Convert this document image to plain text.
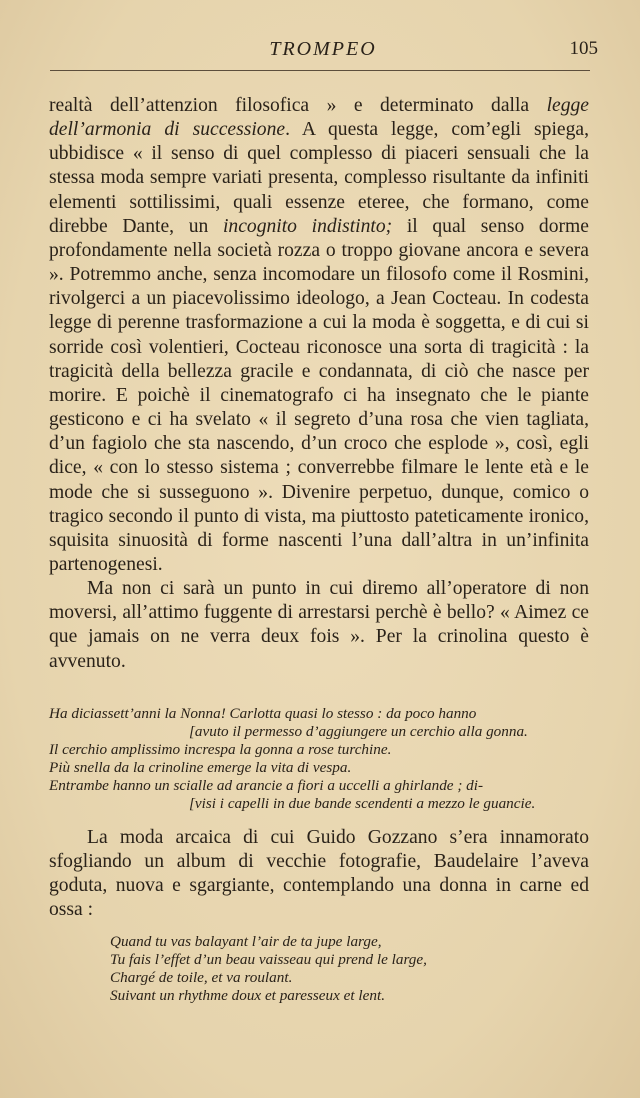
TROMPEO	105

realtà dell’attenzion filosofica » e determinato dalla legge dell’armonia di successione. A questa legge, com’egli spiega, ubbidisce « il senso di quel complesso di piaceri sensuali che la stessa moda sempre variati presenta, complesso risultante da infiniti elementi sottilissimi, quali essenze eteree, che formano, come direbbe Dante, un incognito indistinto; il qual senso dorme profondamente nella società rozza o troppo giovane ancora e severa ». Potremmo anche, senza incomodare un filosofo come il Rosmini, rivolgerci a un piacevolissimo ideologo, a Jean Cocteau. In codesta legge di perenne trasformazione a cui la moda è soggetta, e di cui si sorride così volentieri, Cocteau riconosce una sorta di tragicità : la tragicità della bellezza gracile e condannata, di ciò che nasce per morire. E poichè il cinematografo ci ha insegnato che le piante gesticono e ci ha svelato « il segreto d’una rosa che vien tagliata, d’un fagiolo che sta nascendo, d’un croco che esplode », così, egli dice, « con lo stesso sistema ; converrebbe filmare le lente età e le mode che si susseguono ». Divenire perpetuo, dunque, comico o tragico secondo il punto di vista, ma piuttosto pateticamente ironico, squisita sinuosità di forme nascenti l’una dall’altra in un’infinita partenogenesi.

Ma non ci sarà un punto in cui diremo all’operatore di non moversi, all’attimo fuggente di arrestarsi perchè è bello? « Aimez ce que jamais on ne verra deux fois ». Per la crinolina questo è avvenuto.

Ha diciassett’anni la Nonna! Carlotta quasi lo stesso : da poco hanno
[avuto il permesso d’aggiungere un cerchio alla gonna.
Il cerchio amplissimo increspa la gonna a rose turchine.
Più snella da la crinoline emerge la vita di vespa.
Entrambe hanno un scialle ad arancie a fiori a uccelli a ghirlande ; di-
[visi i capelli in due bande scendenti a mezzo le guancie.

La moda arcaica di cui Guido Gozzano s’era innamorato sfogliando un album di vecchie fotografie, Baudelaire l’aveva goduta, nuova e sgargiante, contemplando una donna in carne ed ossa :

Quand tu vas balayant l’air de ta jupe large,
Tu fais l’effet d’un beau vaisseau qui prend le large,
Chargé de toile, et va roulant.
Suivant un rhythme doux et paresseux et lent.
